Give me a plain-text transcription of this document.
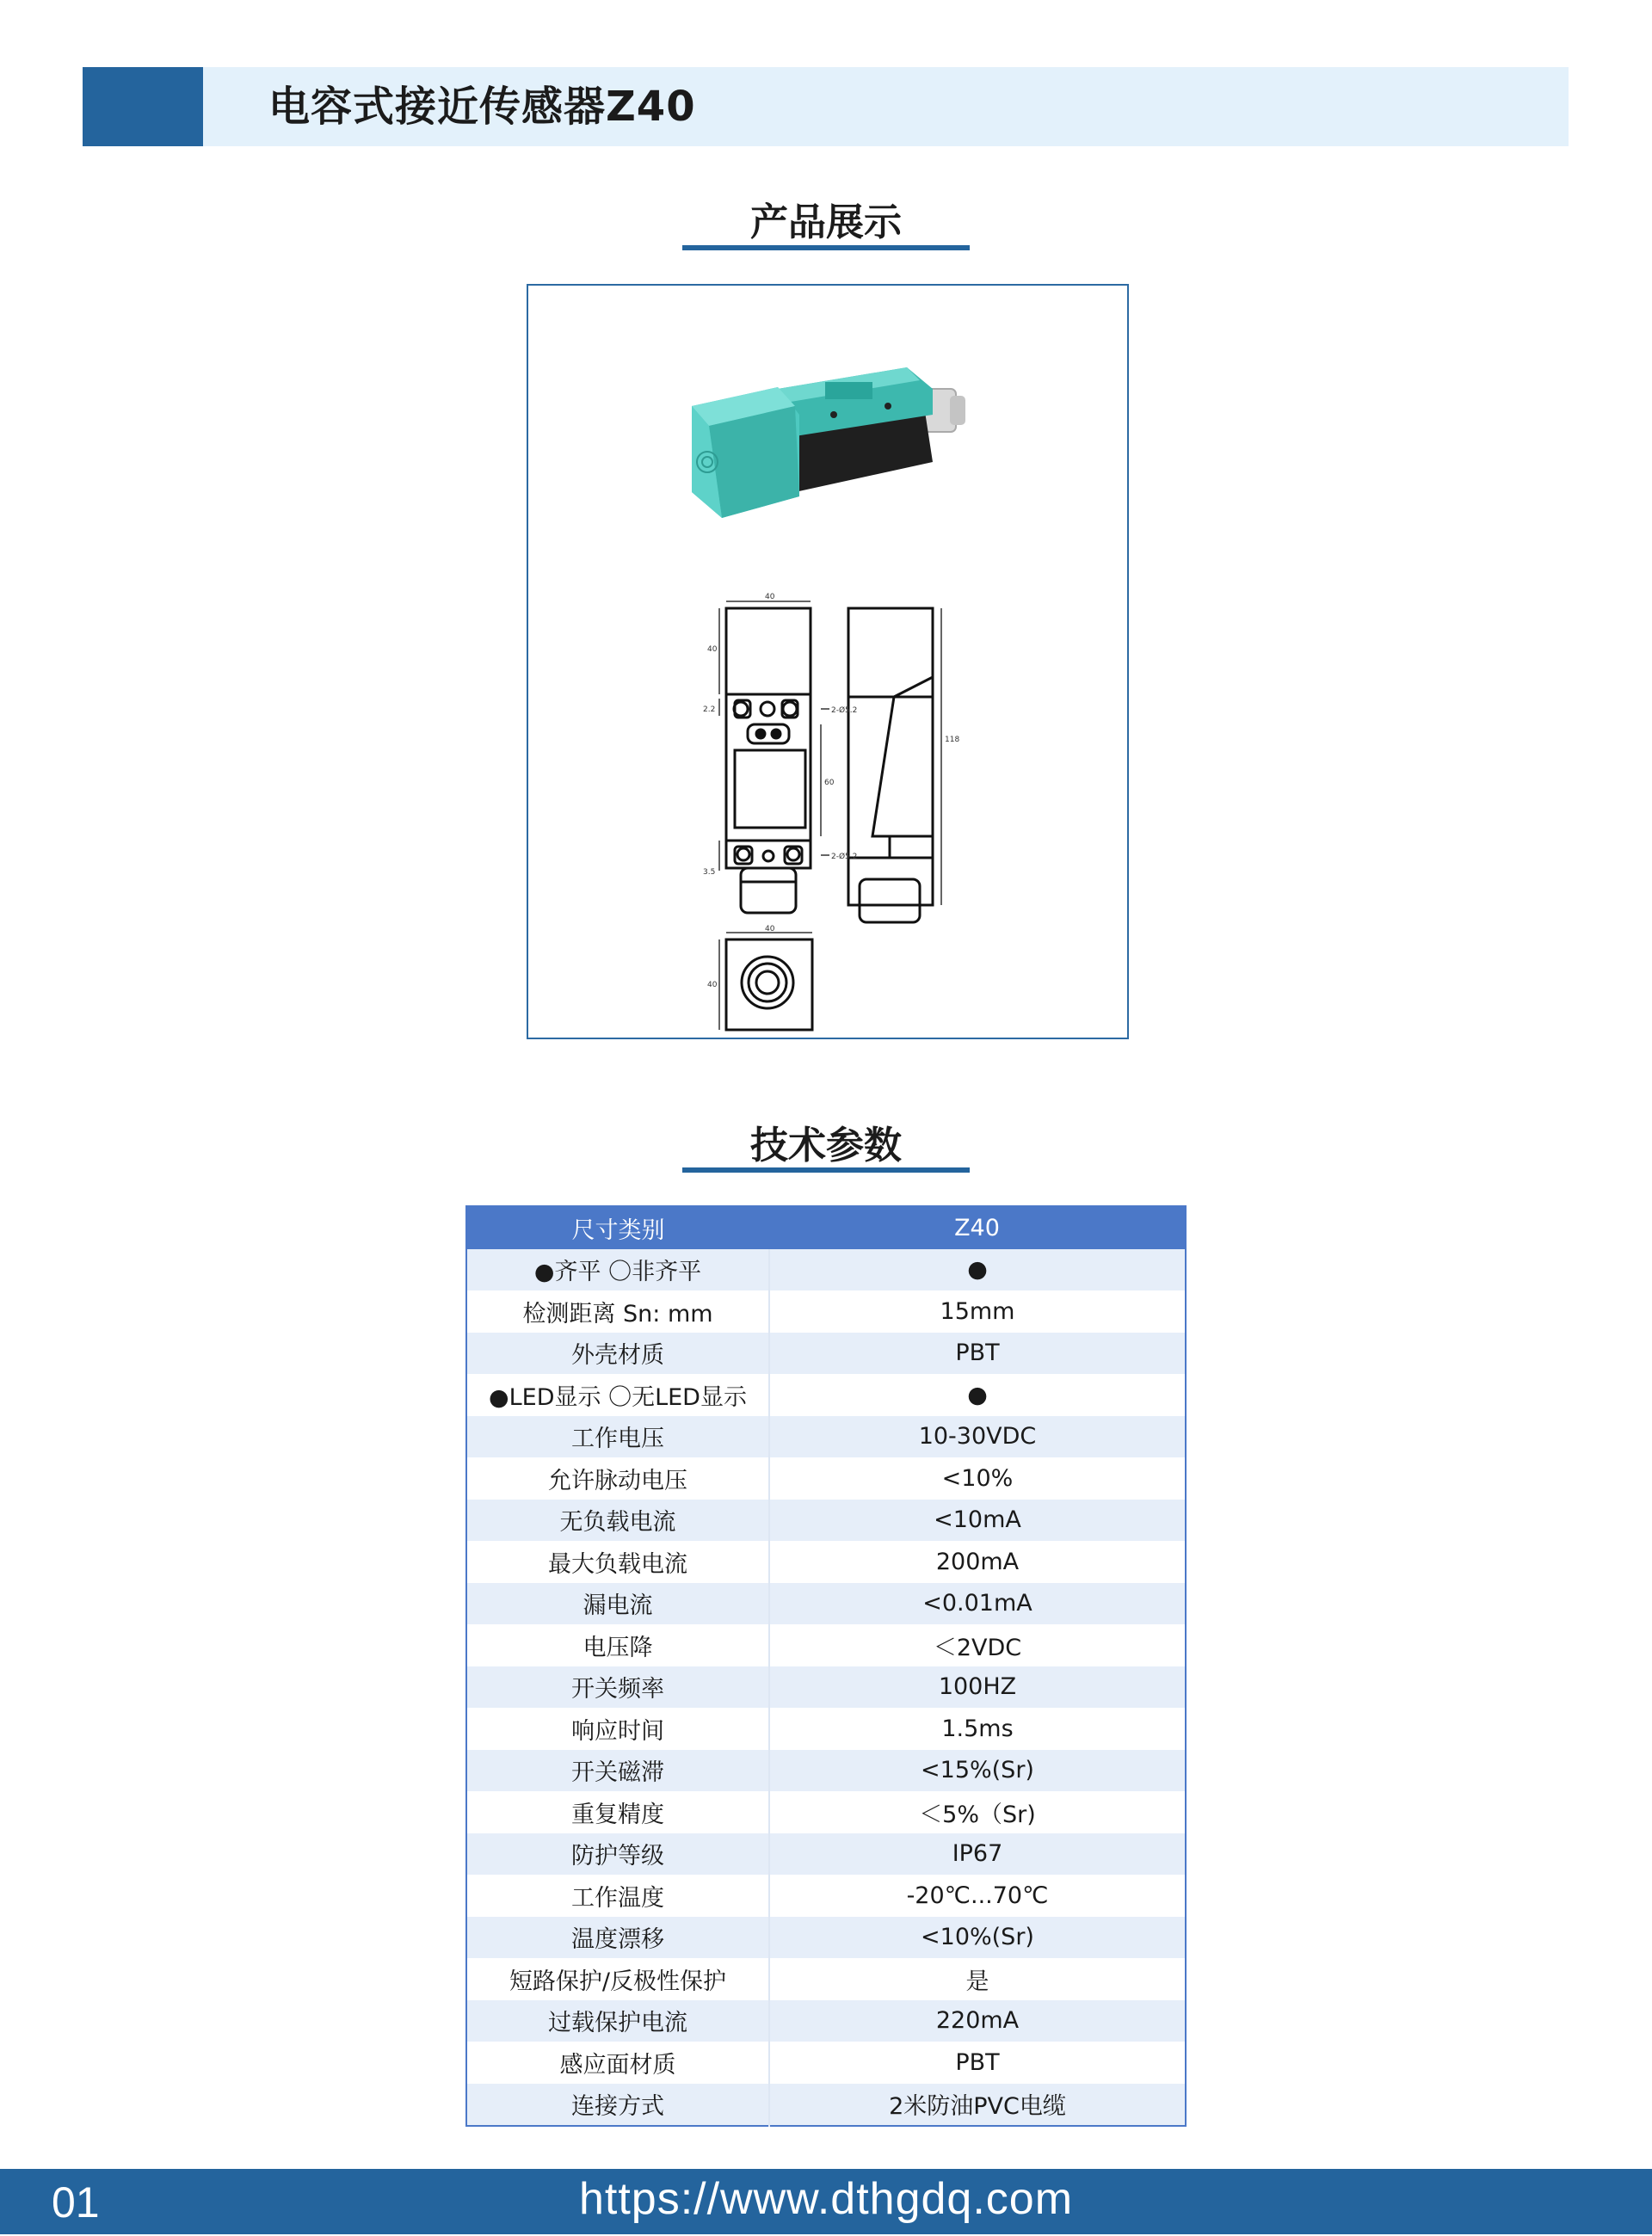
电容式接近传感器Z40
产品展示
40
40
2.2	2-Ø5.2
60
3.5
2-Ø5.2
118
40
40
技术参数
尺寸类别	Z40
●齐平 〇非齐平	●
检测距离 Sn: mm	15mm
外壳材质	PBT
●LED显示 〇无LED显示	●
工作电压	10-30VDC
允许脉动电压	<10%
无负载电流	<10mA
最大负载电流	200mA
漏电流	<0.01mA
电压降	＜2VDC
开关频率	100HZ
响应时间	1.5ms
开关磁滞	<15%(Sr)
重复精度	＜5%（Sr)
防护等级	IP67
工作温度	-20℃...70℃
温度漂移	<10%(Sr)
短路保护/反极性保护	是
过载保护电流	220mA
感应面材质	PBT
连接方式	2米防油PVC电缆
01	https://www.dthgdq.com
